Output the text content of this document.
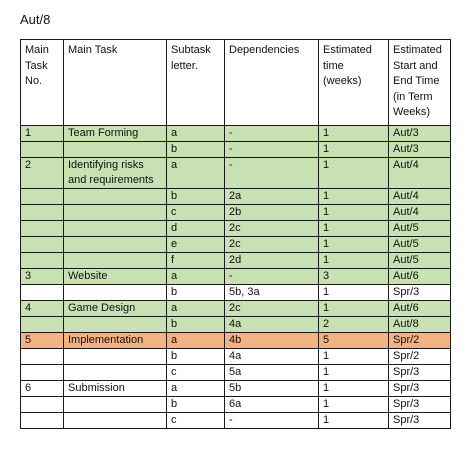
Aut/8
Main Task No.	Main Task	Subtask letter.	Dependencies	Estimated time (weeks)	Estimated Start and End Time (in Term Weeks)
1	Team Forming	a	-	1	Aut/3
		b	-	1	Aut/3
2	Identifying risks and requirements	a	-	1	Aut/4
		b	2a	1	Aut/4
		c	2b	1	Aut/4
		d	2c	1	Aut/5
		e	2c	1	Aut/5
		f	2d	1	Aut/5
3	Website	a	-	3	Aut/6
		b	5b, 3a	1	Spr/3
4	Game Design	a	2c	1	Aut/6
		b	4a	2	Aut/8
5	Implementation	a	4b	5	Spr/2
		b	4a	1	Spr/2
		c	5a	1	Spr/3
6	Submission	a	5b	1	Spr/3
		b	6a	1	Spr/3
		c	-	1	Spr/3
